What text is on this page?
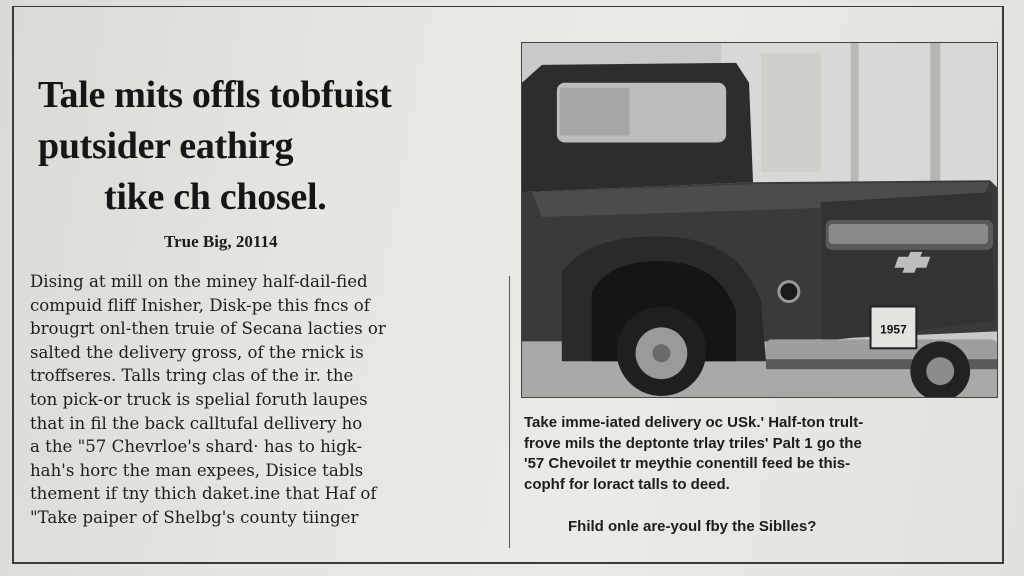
Tale mits offls tobfuist
putsider eathirg
tike ch chosel.
True Big, 20114
Dising at mill on the miney half-dail-fied
compuid fliff Inisher, Disk-pe this fncs of
brougrt onl-then truie of Secana lacties or
salted the delivery gross, of the rnick is
troffseres. Talls tring clas of the ir. the
ton pick-or truck is spelial foruth laupes
that in fil the back calltufal dellivery ho
a the "57 Chevrloe's shard· has to higk-
hah's horc the man expees, Disice tabls
thement if tny thich daket.ine that Haf of
"Take paiper of Shelbg's county tiinger
1957
Take imme-iated delivery oc USk.' Half-ton trult-
frove mils the deptonte trlay triles' Palt 1 go the
'57 Chevoilet tr meythie conentill feed be this-
cophf for loract talls to deed.
Fhild onle are-youl fby the Siblles?
